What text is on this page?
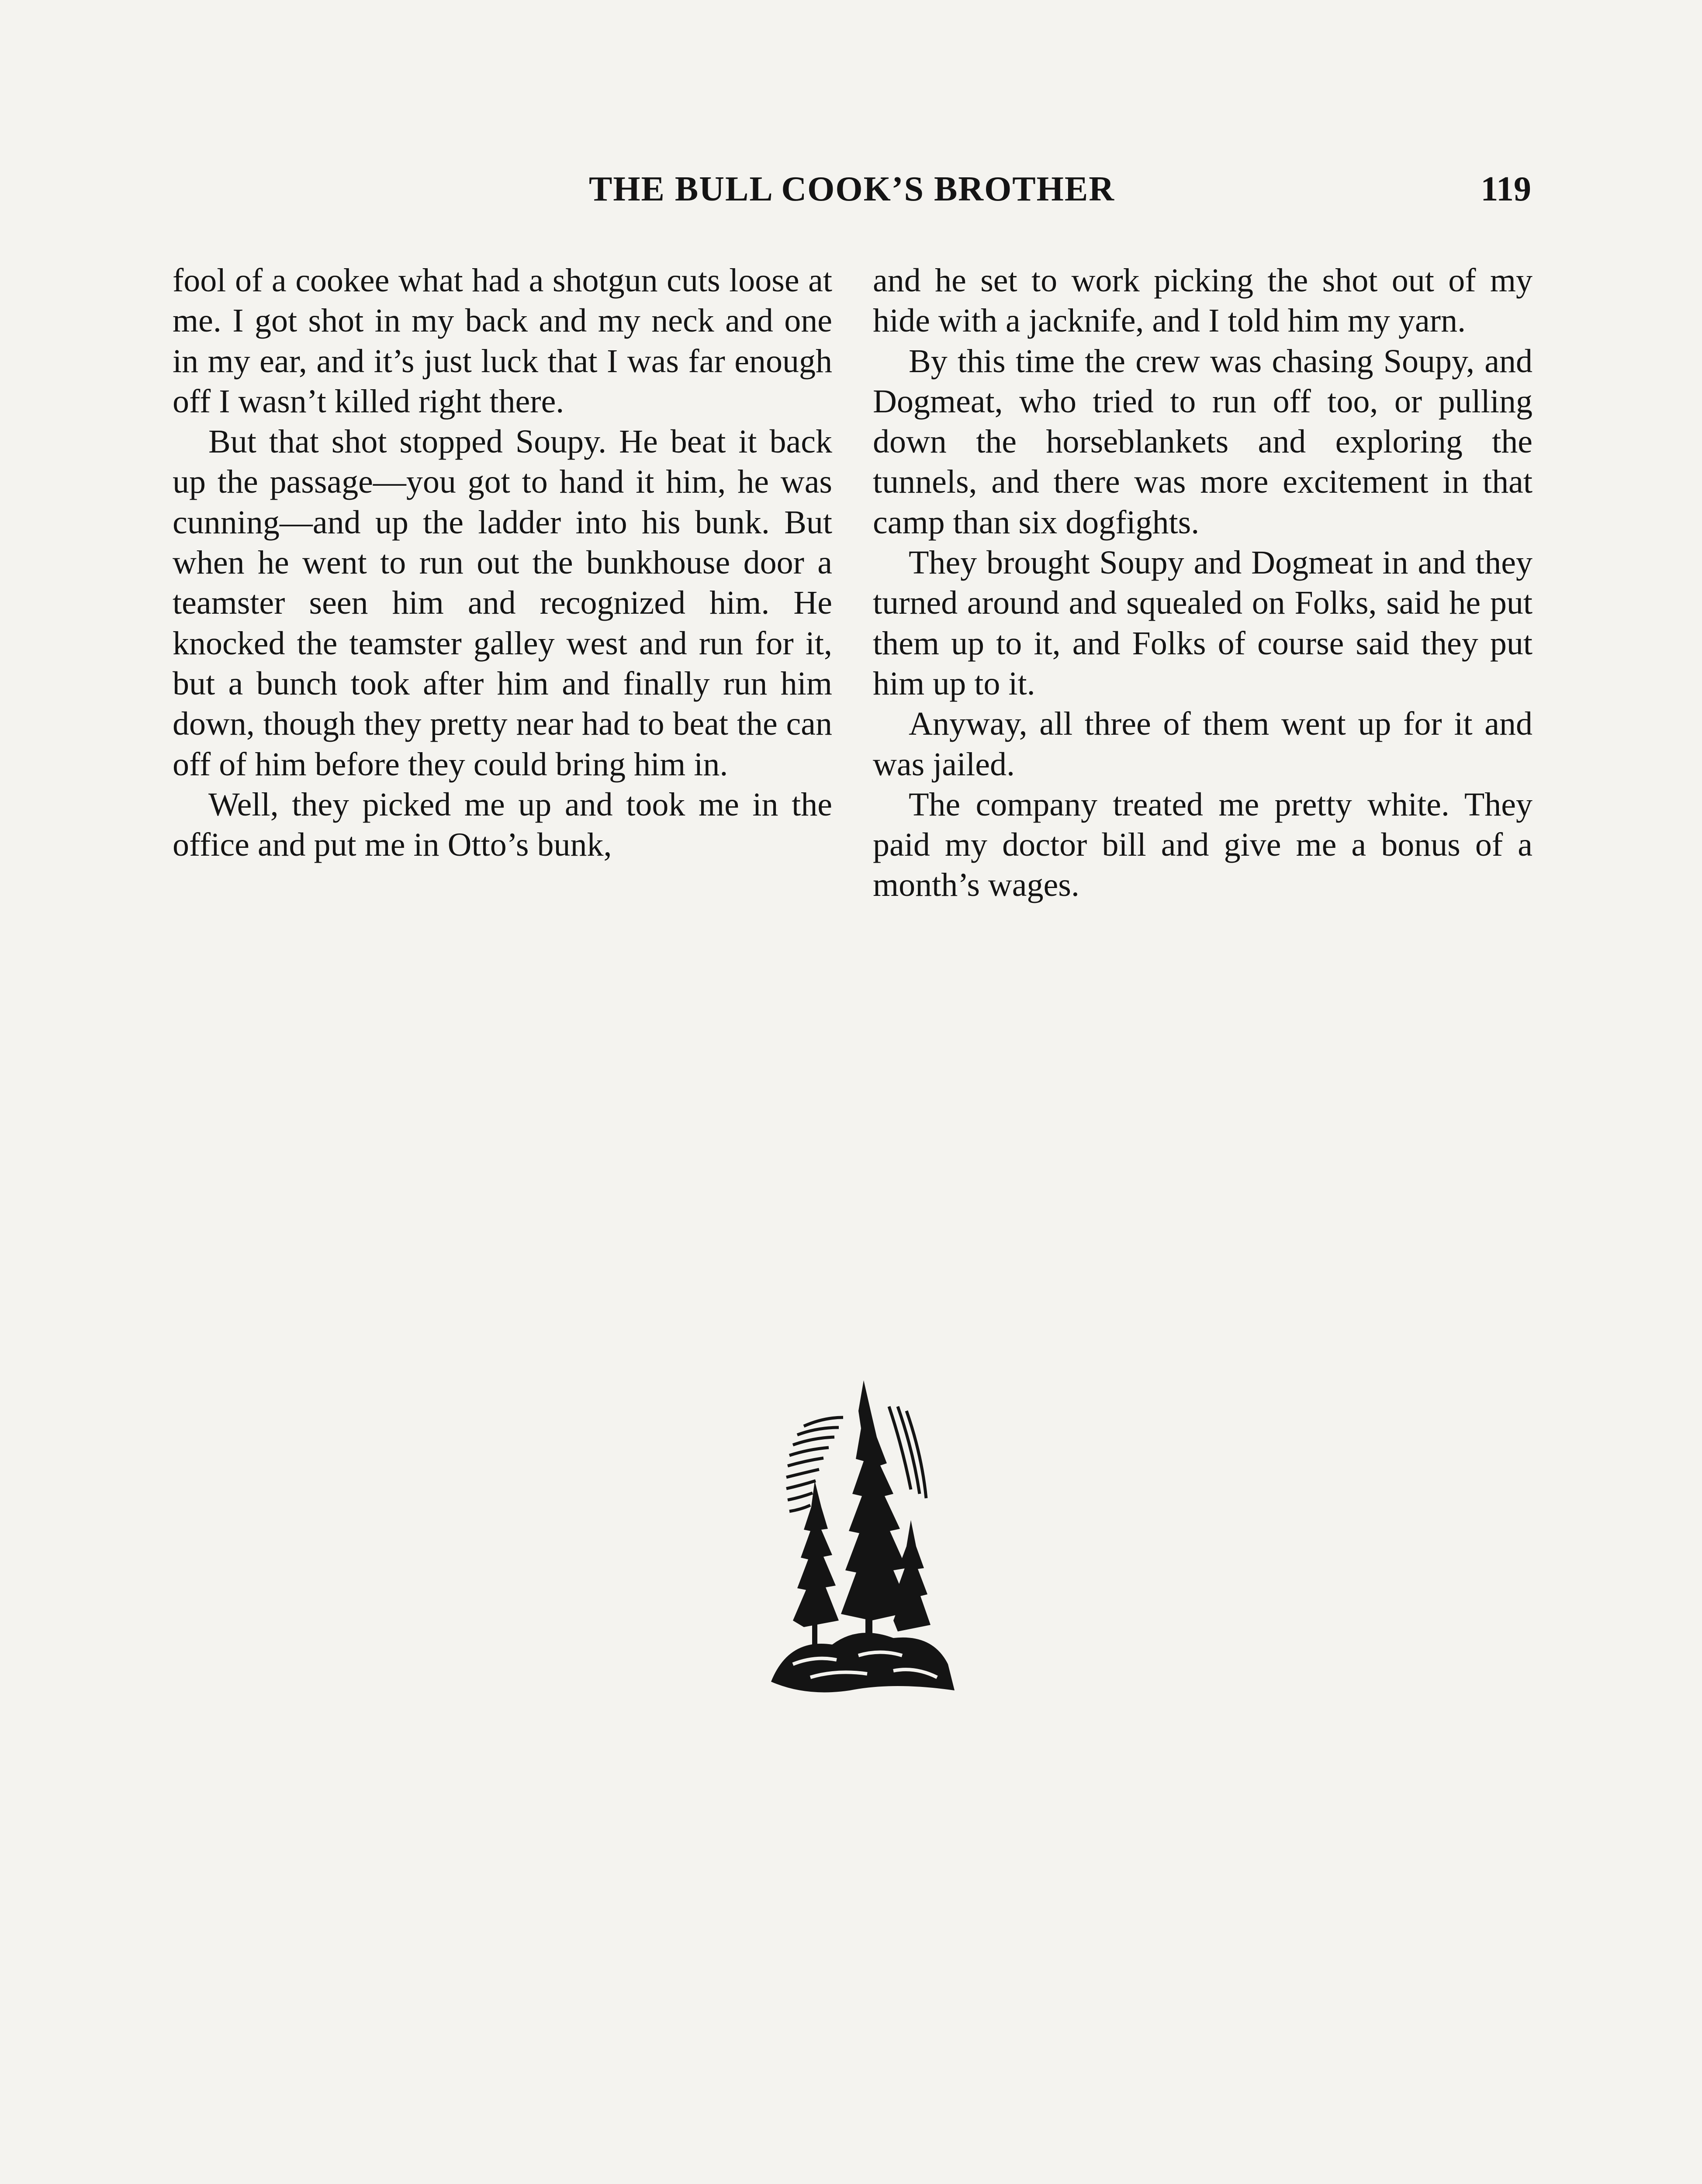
THE BULL COOK’S BROTHER	119

fool of a cookee what had a shotgun cuts loose at me. I got shot in my back and my neck and one in my ear, and it’s just luck that I was far enough off I wasn’t killed right there.

But that shot stopped Soupy. He beat it back up the passage—you got to hand it him, he was cunning—and up the ladder into his bunk. But when he went to run out the bunkhouse door a teamster seen him and recognized him. He knocked the teamster galley west and run for it, but a bunch took after him and finally run him down, though they pretty near had to beat the can off of him before they could bring him in.

Well, they picked me up and took me in the office and put me in Otto’s bunk,

and he set to work picking the shot out of my hide with a jacknife, and I told him my yarn.

By this time the crew was chasing Soupy, and Dogmeat, who tried to run off too, or pulling down the horseblankets and exploring the tunnels, and there was more excitement in that camp than six dogfights.

They brought Soupy and Dogmeat in and they turned around and squealed on Folks, said he put them up to it, and Folks of course said they put him up to it.

Anyway, all three of them went up for it and was jailed.

The company treated me pretty white. They paid my doctor bill and give me a bonus of a month’s wages.
